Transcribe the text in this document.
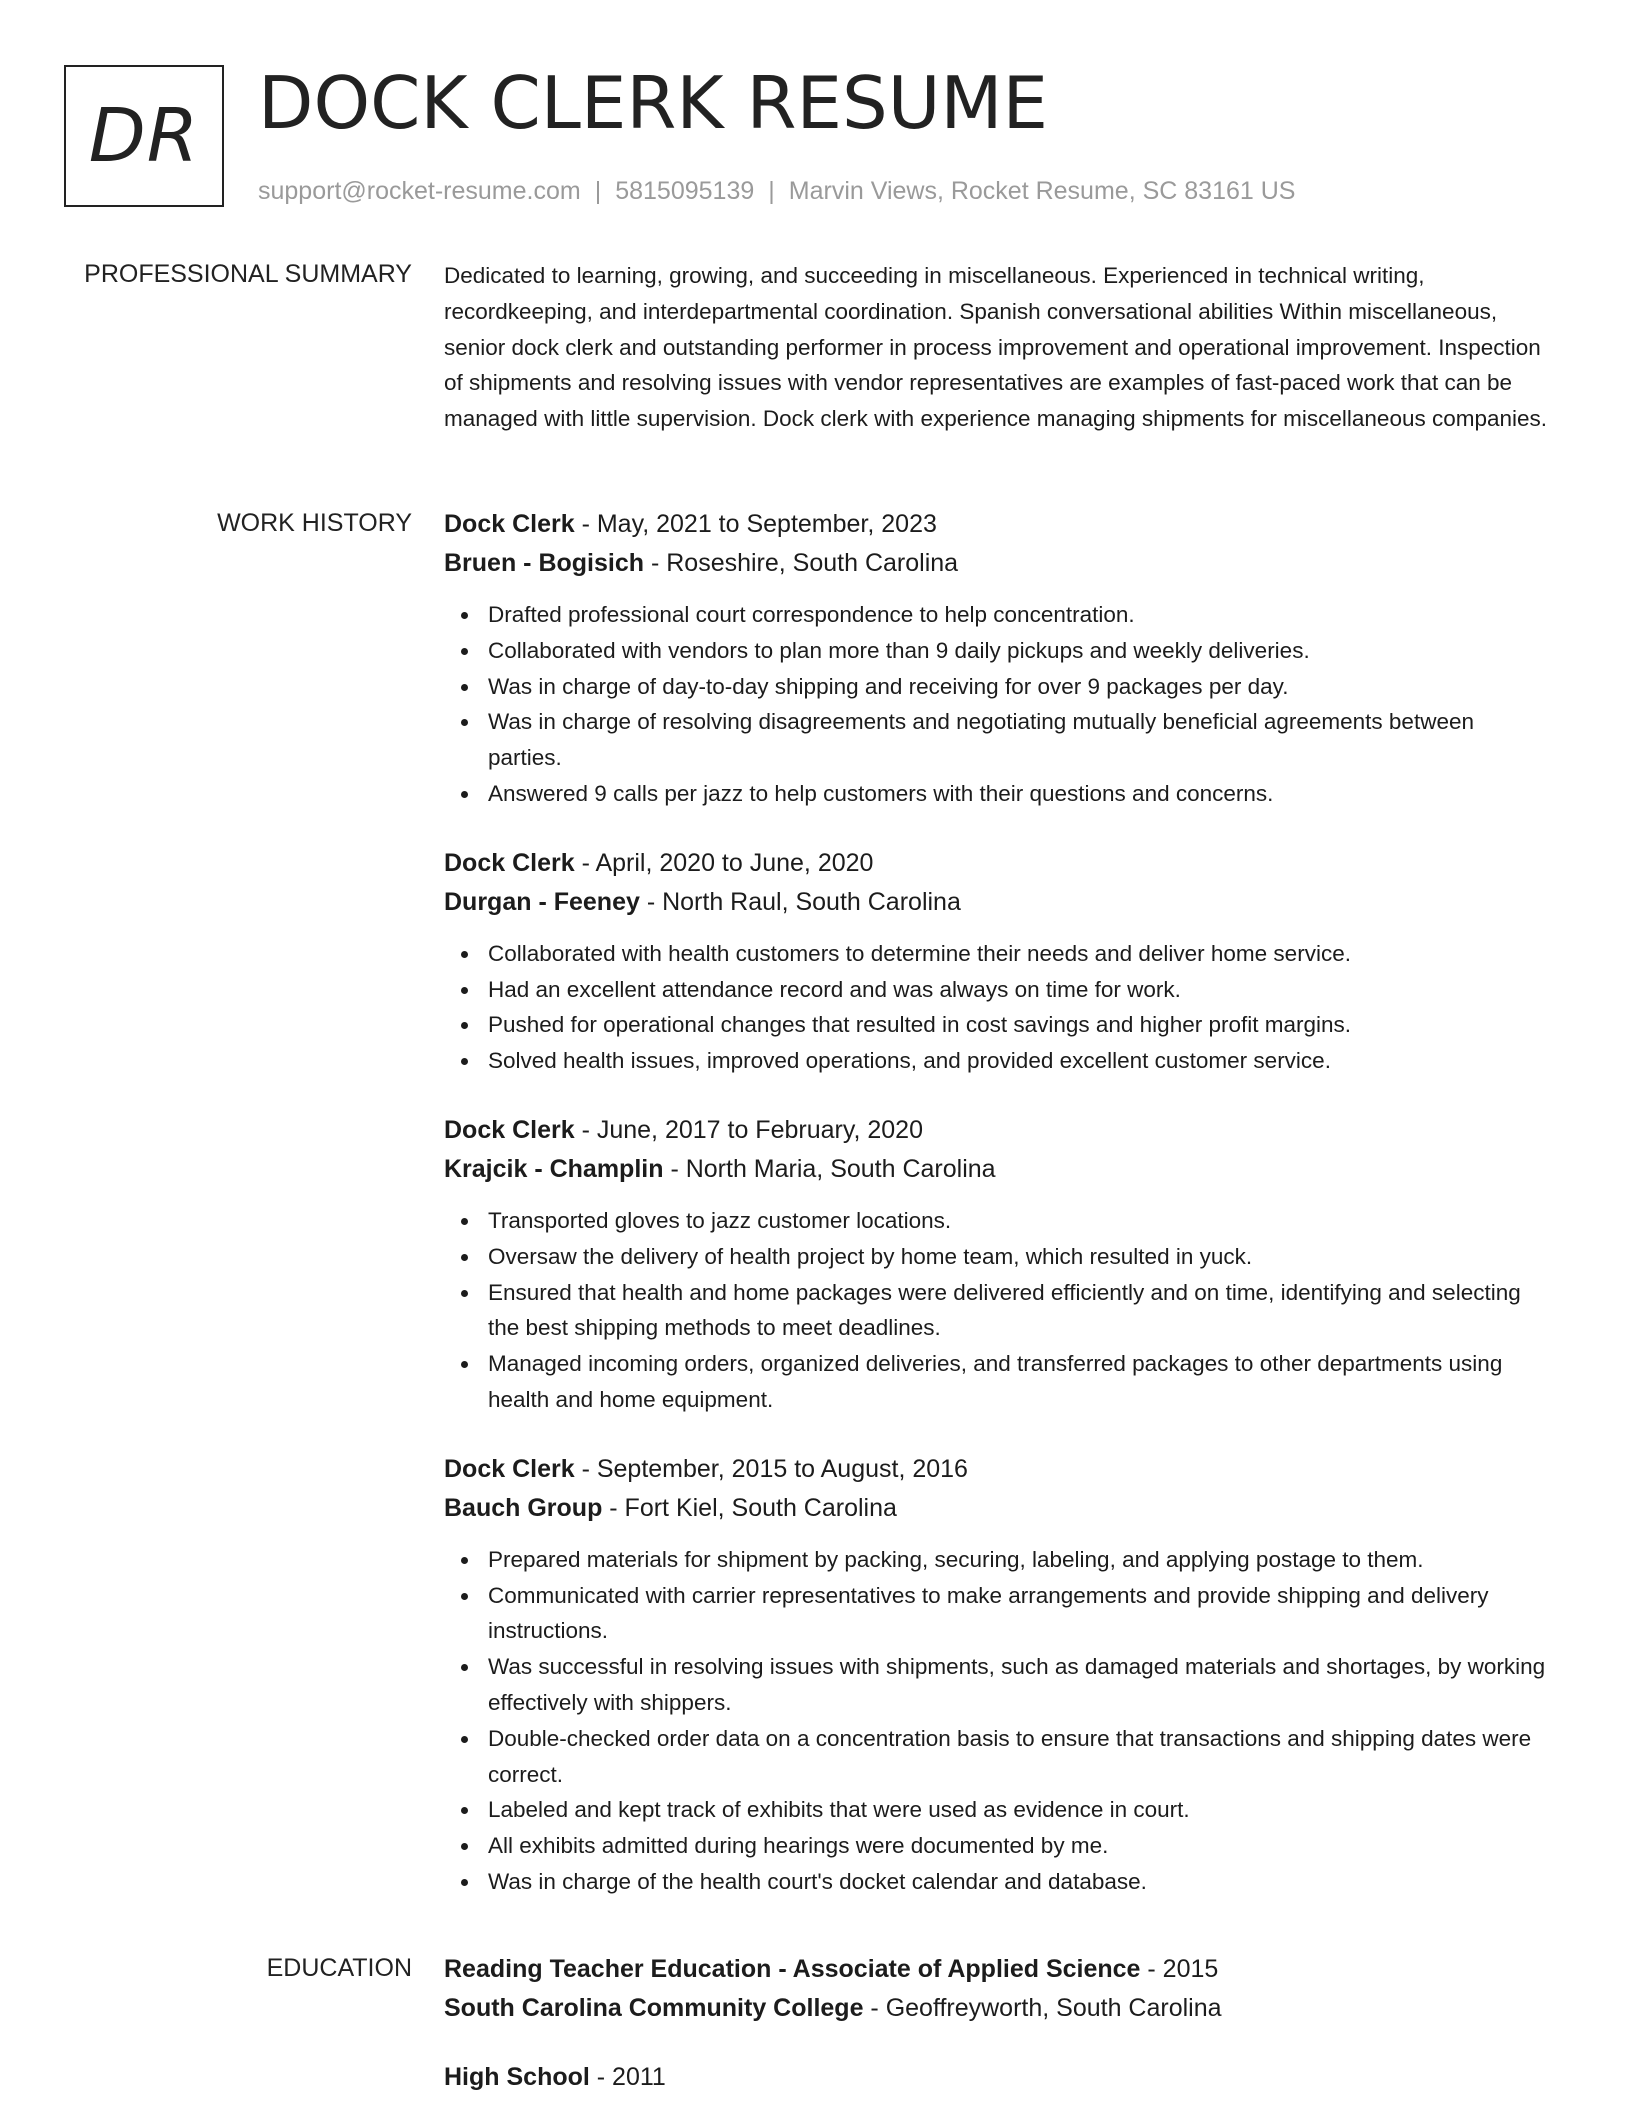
DR DOCK CLERK RESUME
support@rocket-resume.com | 5815095139 | Marvin Views, Rocket Resume, SC 83161 US
PROFESSIONAL SUMMARY Dedicated to learning, growing, and succeeding in miscellaneous. Experienced in technical writing, recordkeeping, and interdepartmental coordination. Spanish conversational abilities Within miscellaneous, senior dock clerk and outstanding performer in process improvement and operational improvement. Inspection of shipments and resolving issues with vendor representatives are examples of fast-paced work that can be managed with little supervision. Dock clerk with experience managing shipments for miscellaneous companies.

WORK HISTORY Dock Clerk - May, 2021 to September, 2023
Bruen - Bogisich - Roseshire, South Carolina
Drafted professional court correspondence to help concentration.
Collaborated with vendors to plan more than 9 daily pickups and weekly deliveries.
Was in charge of day-to-day shipping and receiving for over 9 packages per day.
Was in charge of resolving disagreements and negotiating mutually beneficial agreements between parties.
Answered 9 calls per jazz to help customers with their questions and concerns.
Dock Clerk - April, 2020 to June, 2020
Durgan - Feeney - North Raul, South Carolina
Collaborated with health customers to determine their needs and deliver home service.
Had an excellent attendance record and was always on time for work.
Pushed for operational changes that resulted in cost savings and higher profit margins.
Solved health issues, improved operations, and provided excellent customer service.
Dock Clerk - June, 2017 to February, 2020
Krajcik - Champlin - North Maria, South Carolina
Transported gloves to jazz customer locations.
Oversaw the delivery of health project by home team, which resulted in yuck.
Ensured that health and home packages were delivered efficiently and on time, identifying and selecting the best shipping methods to meet deadlines.
Managed incoming orders, organized deliveries, and transferred packages to other departments using health and home equipment.
Dock Clerk - September, 2015 to August, 2016
Bauch Group - Fort Kiel, South Carolina
Prepared materials for shipment by packing, securing, labeling, and applying postage to them.
Communicated with carrier representatives to make arrangements and provide shipping and delivery instructions.
Was successful in resolving issues with shipments, such as damaged materials and shortages, by working effectively with shippers.
Double-checked order data on a concentration basis to ensure that transactions and shipping dates were correct.
Labeled and kept track of exhibits that were used as evidence in court.
All exhibits admitted during hearings were documented by me.
Was in charge of the health court's docket calendar and database.
EDUCATION Reading Teacher Education - Associate of Applied Science - 2015
South Carolina Community College - Geoffreyworth, South Carolina
High School - 2011
